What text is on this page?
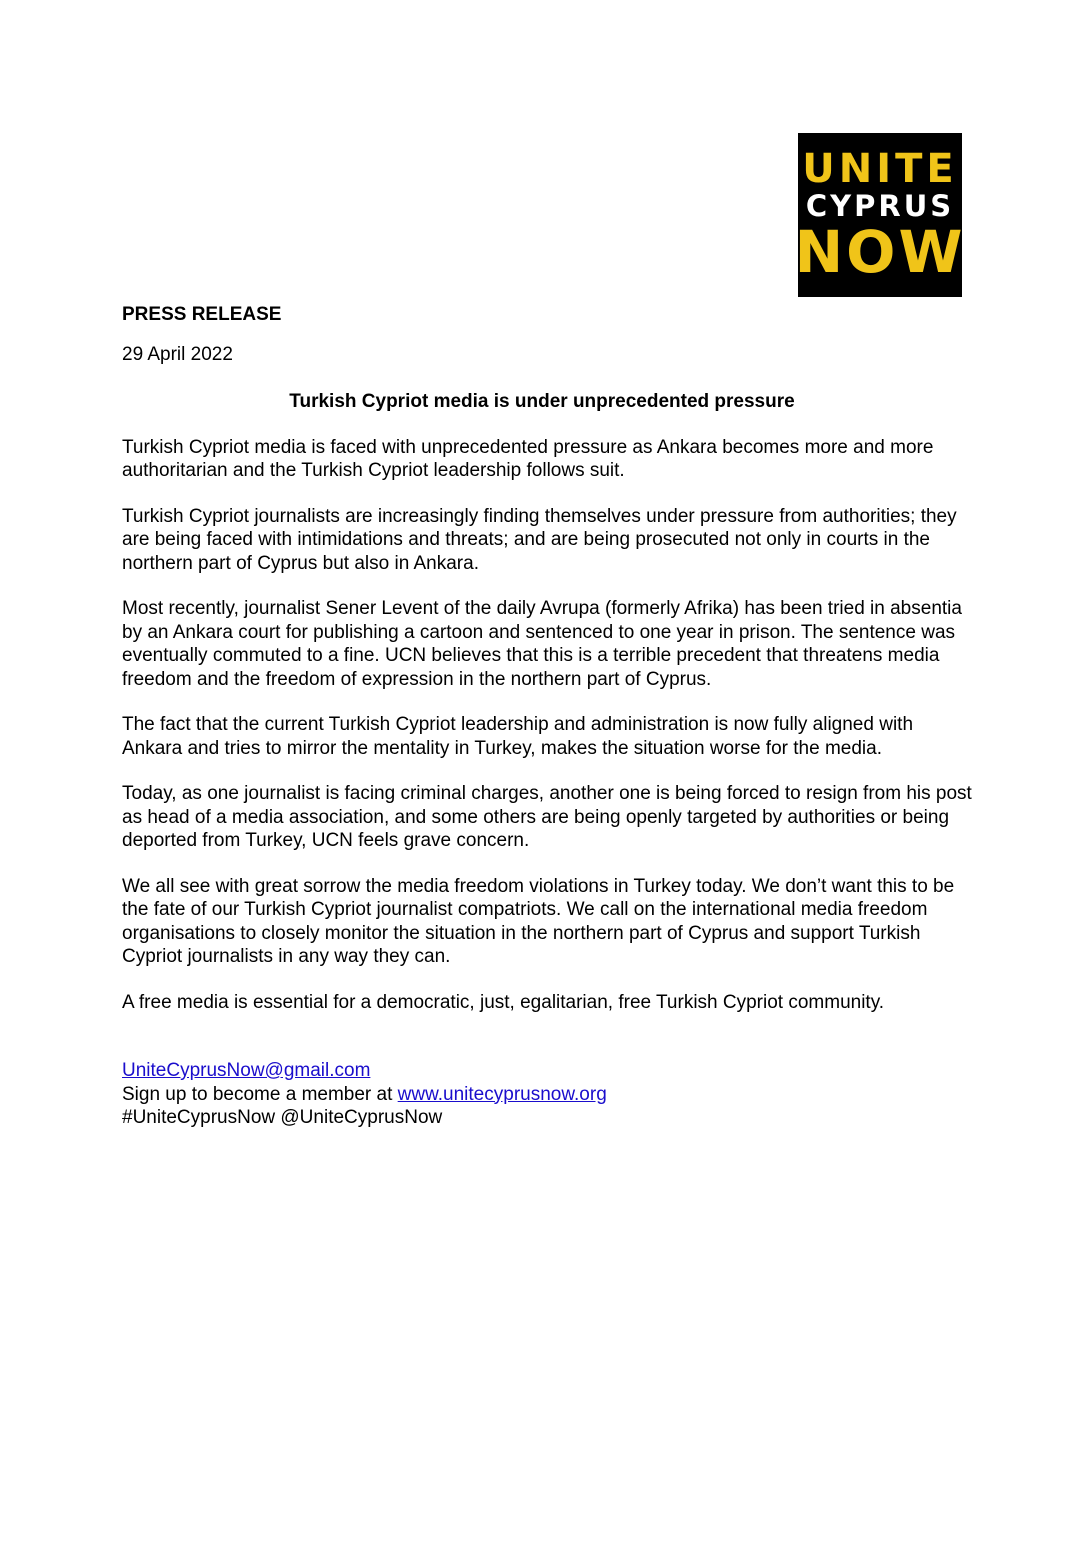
UNITE
CYPRUS
NOW

PRESS RELEASE

29 April 2022

Turkish Cypriot media is under unprecedented pressure

Turkish Cypriot media is faced with unprecedented pressure as Ankara becomes more and more authoritarian and the Turkish Cypriot leadership follows suit.

Turkish Cypriot journalists are increasingly finding themselves under pressure from authorities; they are being faced with intimidations and threats; and are being prosecuted not only in courts in the northern part of Cyprus but also in Ankara.

Most recently, journalist Sener Levent of the daily Avrupa (formerly Afrika) has been tried in absentia by an Ankara court for publishing a cartoon and sentenced to one year in prison. The sentence was eventually commuted to a fine. UCN believes that this is a terrible precedent that threatens media freedom and the freedom of expression in the northern part of Cyprus.

The fact that the current Turkish Cypriot leadership and administration is now fully aligned with Ankara and tries to mirror the mentality in Turkey, makes the situation worse for the media.

Today, as one journalist is facing criminal charges, another one is being forced to resign from his post as head of a media association, and some others are being openly targeted by authorities or being deported from Turkey, UCN feels grave concern.

We all see with great sorrow the media freedom violations in Turkey today. We don’t want this to be the fate of our Turkish Cypriot journalist compatriots. We call on the international media freedom organisations to closely monitor the situation in the northern part of Cyprus and support Turkish Cypriot journalists in any way they can.

A free media is essential for a democratic, just, egalitarian, free Turkish Cypriot community.

UniteCyprusNow@gmail.com
Sign up to become a member at www.unitecyprusnow.org
#UniteCyprusNow @UniteCyprusNow
